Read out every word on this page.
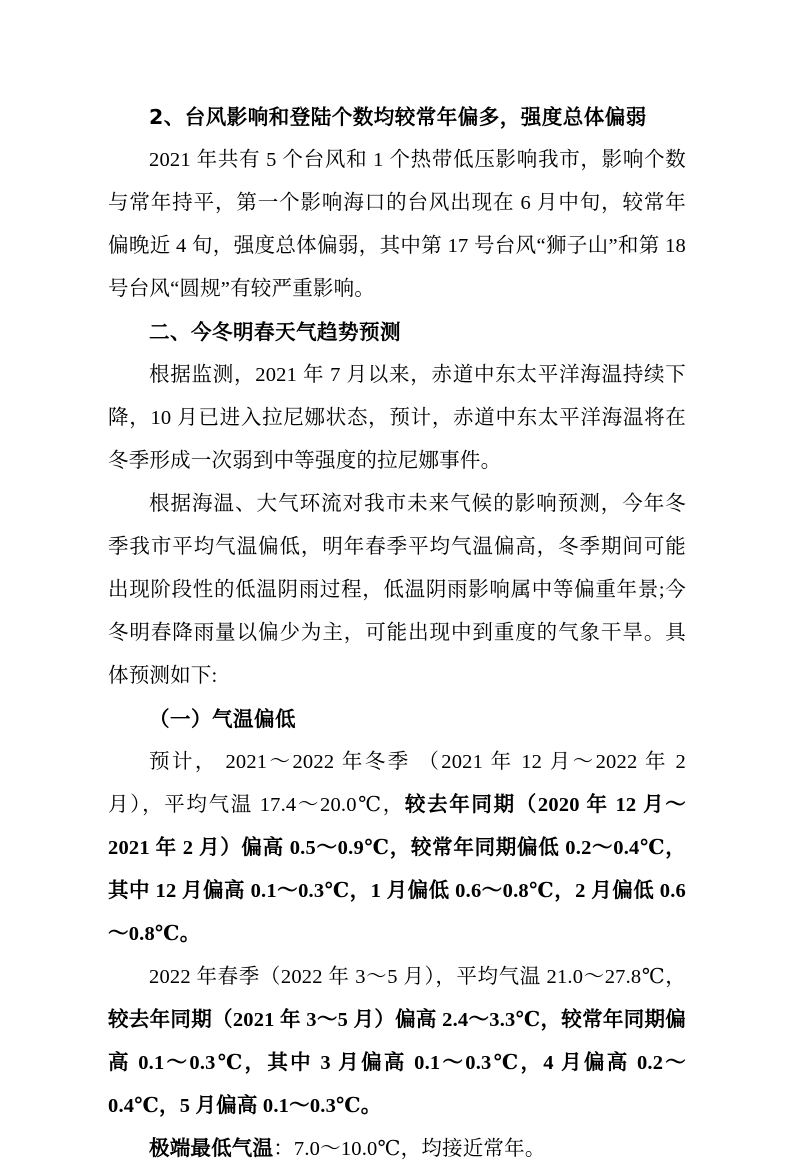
2、台风影响和登陆个数均较常年偏多，强度总体偏弱

2021 年共有 5 个台风和 1 个热带低压影响我市，影响个数与常年持平，第一个影响海口的台风出现在 6 月中旬，较常年偏晚近 4 旬，强度总体偏弱，其中第 17 号台风“狮子山”和第 18 号台风“圆规”有较严重影响。

二、今冬明春天气趋势预测

根据监测，2021 年 7 月以来，赤道中东太平洋海温持续下降，10 月已进入拉尼娜状态，预计，赤道中东太平洋海温将在冬季形成一次弱到中等强度的拉尼娜事件。

根据海温、大气环流对我市未来气候的影响预测，今年冬季我市平均气温偏低，明年春季平均气温偏高，冬季期间可能出现阶段性的低温阴雨过程，低温阴雨影响属中等偏重年景;今冬明春降雨量以偏少为主，可能出现中到重度的气象干旱。具体预测如下:

（一）气温偏低

预计， 2021～2022 年冬季 （2021 年 12 月～2022 年 2 月），平均气温 17.4～20.0℃，较去年同期（2020 年 12 月～2021 年 2 月）偏高 0.5～0.9℃，较常年同期偏低 0.2～0.4℃，其中 12 月偏高 0.1～0.3℃，1 月偏低 0.6～0.8℃，2 月偏低 0.6～0.8℃。

2022 年春季（2022 年 3～5 月），平均气温 21.0～27.8℃，较去年同期（2021 年 3～5 月）偏高 2.4～3.3℃，较常年同期偏高 0.1～0.3℃，其中 3 月偏高 0.1～0.3℃，4 月偏高 0.2～0.4℃，5 月偏高 0.1～0.3℃。

极端最低气温：7.0～10.0℃，均接近常年。
